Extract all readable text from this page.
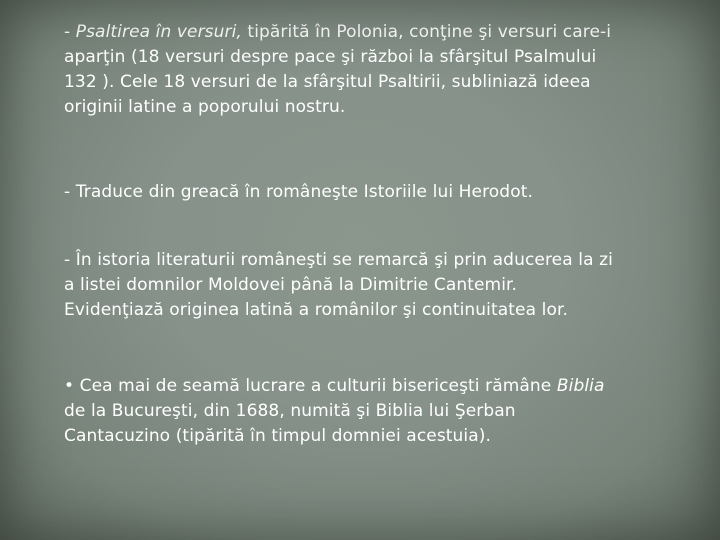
- Psaltirea în versuri, tipărită în Polonia, conţine şi versuri care-i
aparţin (18 versuri despre pace şi război la sfârşitul Psalmului
132 ). Cele 18 versuri de la sfârşitul Psaltirii, subliniază ideea
originii latine a poporului nostru.
- Traduce din greacă în româneşte Istoriile lui Herodot.
- În istoria literaturii româneşti se remarcă şi prin aducerea la zi
a listei domnilor Moldovei până la Dimitrie Cantemir.
Evidenţiază originea latină a românilor şi continuitatea lor.
• Cea mai de seamă lucrare a culturii bisericeşti rămâne Biblia
de la Bucureşti, din 1688, numită şi Biblia lui Şerban
Cantacuzino (tipărită în timpul domniei acestuia).
